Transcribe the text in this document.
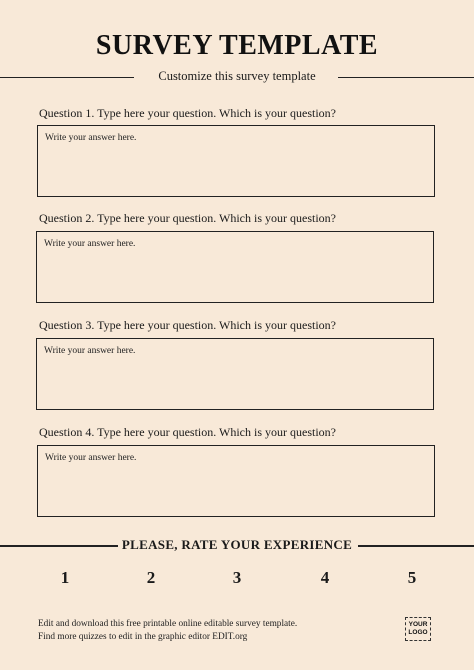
SURVEY TEMPLATE
Customize this survey template
Question 1. Type here your question. Which is your question?
Write your answer here.
Question 2. Type here your question. Which is your question?
Write your answer here.
Question 3. Type here your question. Which is your question?
Write your answer here.
Question 4. Type here your question. Which is your question?
Write your answer here.
PLEASE, RATE YOUR EXPERIENCE
1	2	3	4	5
Edit and download this free printable online editable survey template.
Find more quizzes to edit in the graphic editor EDIT.org
YOUR
LOGO
